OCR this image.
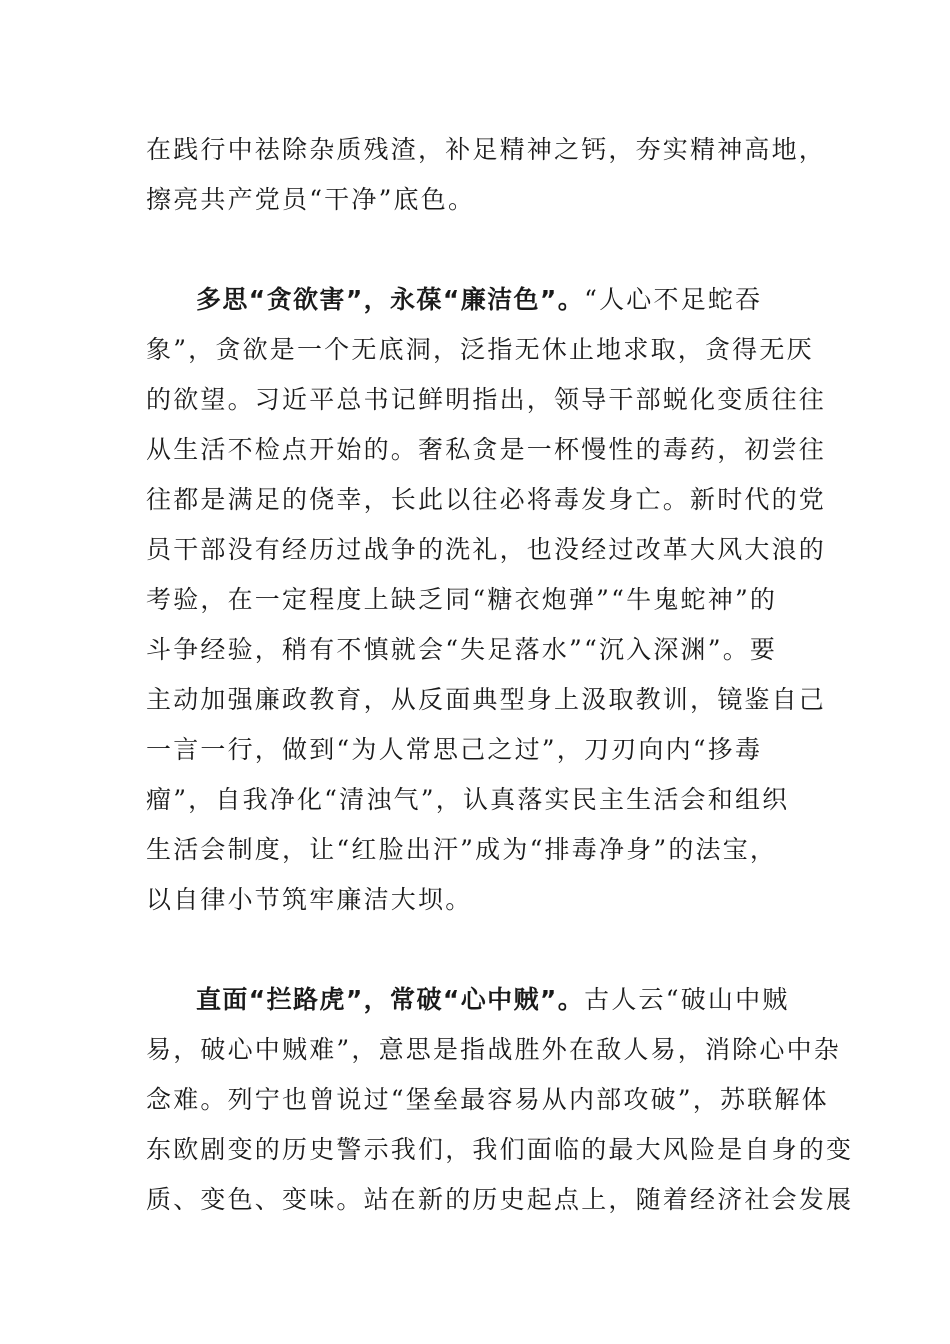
在践行中祛除杂质残渣，补足精神之钙，夯实精神高地，
擦亮共产党员“干净”底色。
多思“贪欲害”，永葆“廉洁色”。“人心不足蛇吞
象”，贪欲是一个无底洞，泛指无休止地求取，贪得无厌
的欲望。习近平总书记鲜明指出，领导干部蜕化变质往往
从生活不检点开始的。奢私贪是一杯慢性的毒药，初尝往
往都是满足的侥幸，长此以往必将毒发身亡。新时代的党
员干部没有经历过战争的洗礼，也没经过改革大风大浪的
考验，在一定程度上缺乏同“糖衣炮弹”“牛鬼蛇神”的
斗争经验，稍有不慎就会“失足落水”“沉入深渊”。要
主动加强廉政教育，从反面典型身上汲取教训，镜鉴自己
一言一行，做到“为人常思己之过”，刀刃向内“拸毒
瘤”，自我净化“清浊气”，认真落实民主生活会和组织
生活会制度，让“红脸出汗”成为“排毒净身”的法宝，
以自律小节筑牢廉洁大坝。
直面“拦路虎”，常破“心中贼”。古人云“破山中贼
易，破心中贼难”，意思是指战胜外在敌人易，消除心中杂
念难。列宁也曾说过“堡垒最容易从内部攻破”，苏联解体
东欧剧变的历史警示我们，我们面临的最大风险是自身的变
质、变色、变味。站在新的历史起点上，随着经济社会发展
